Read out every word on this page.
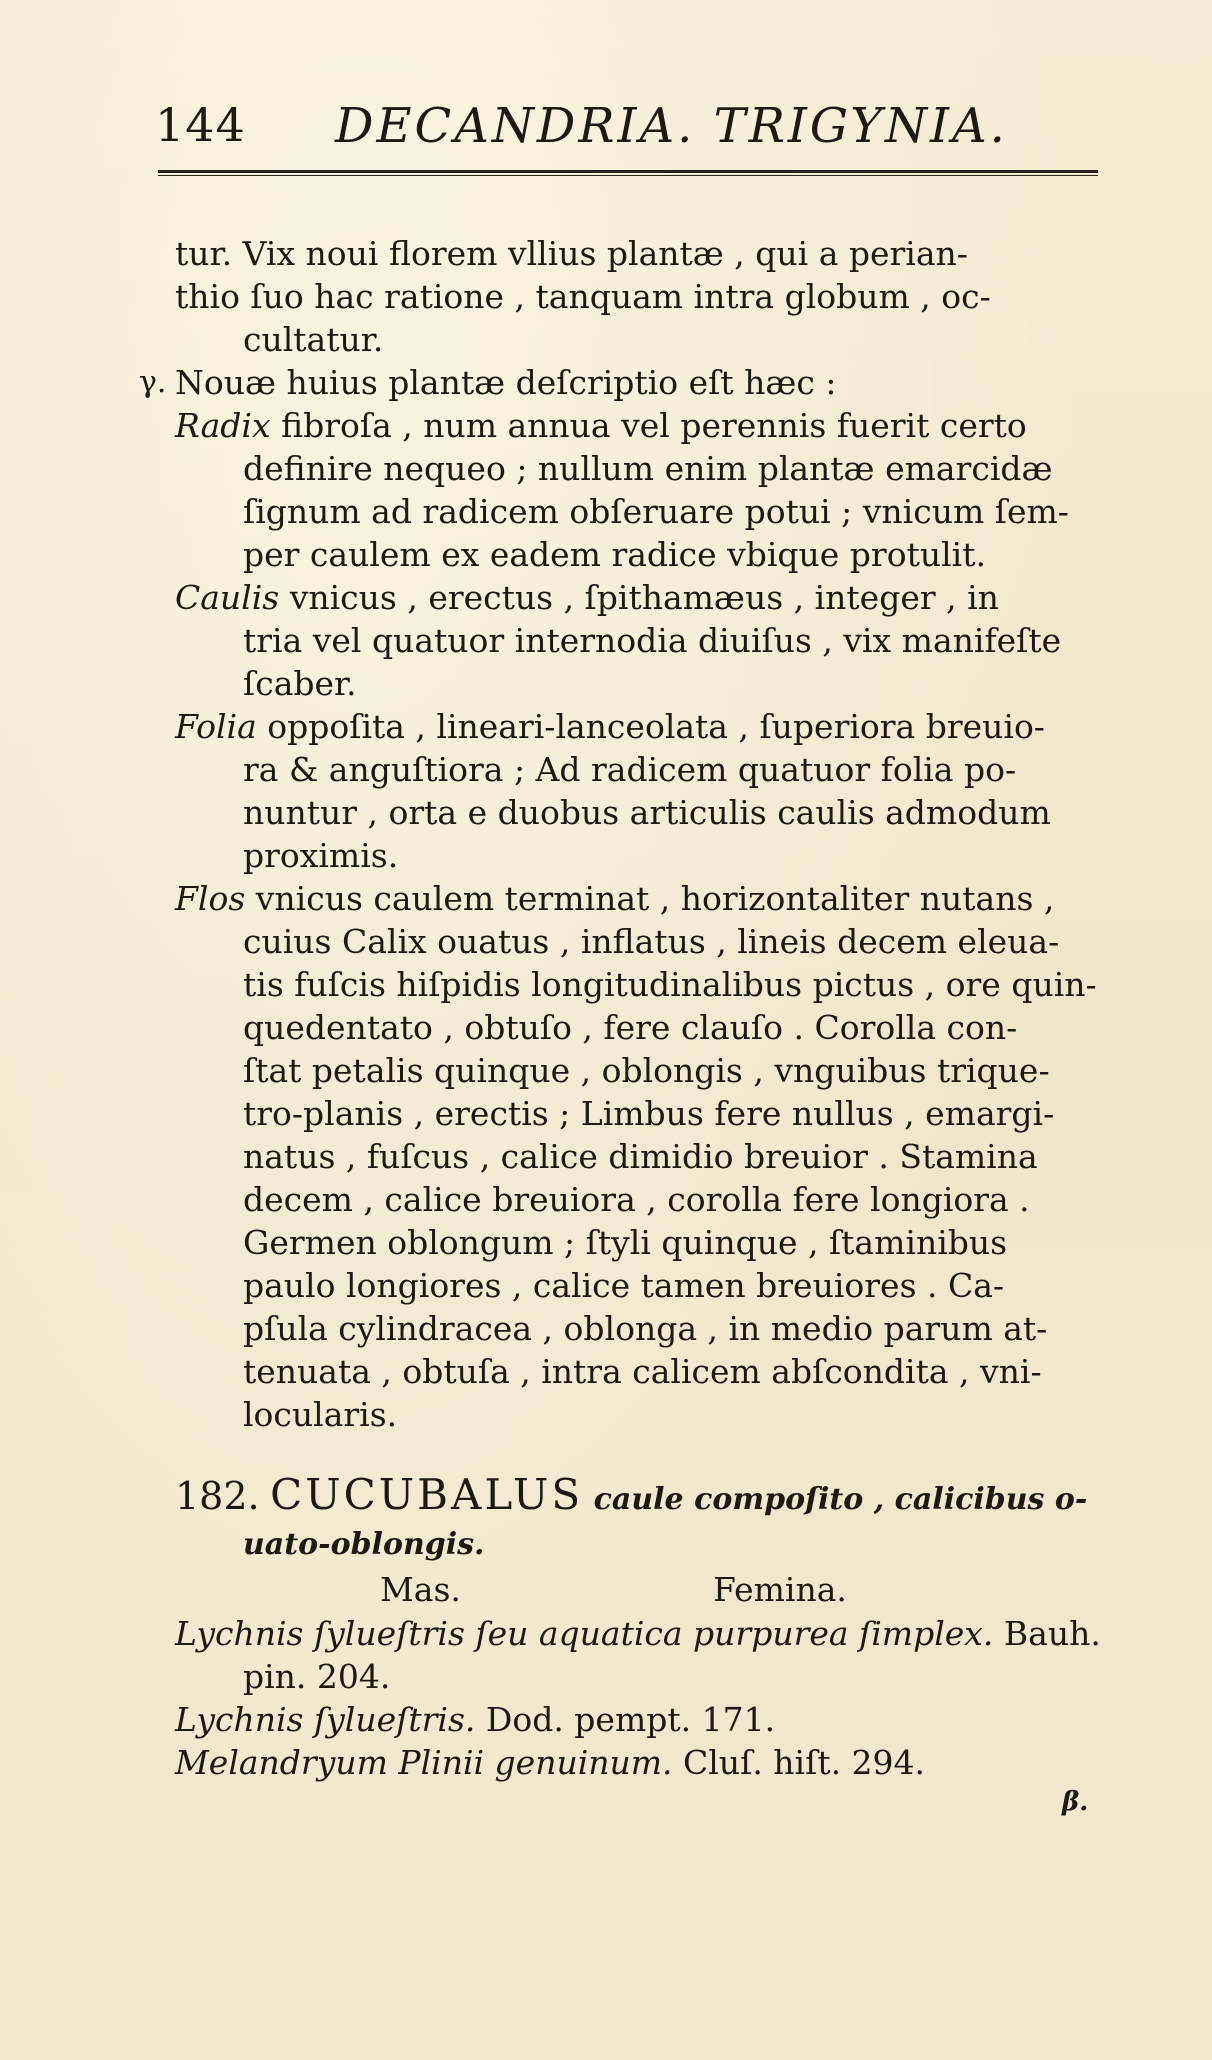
144 DECANDRIA. TRIGYNIA.
tur. Vix noui florem vllius plantæ , qui a perian-
thio ſuo hac ratione , tanquam intra globum , oc-
cultatur.
γ. Nouæ huius plantæ deſcriptio eſt hæc :
Radix fibroſa , num annua vel perennis fuerit certo
definire nequeo ; nullum enim plantæ emarcidæ
ſignum ad radicem obſeruare potui ; vnicum ſem-
per caulem ex eadem radice vbique protulit.
Caulis vnicus , erectus , ſpithamæus , integer , in
tria vel quatuor internodia diuiſus , vix manifeſte
ſcaber.
Folia oppoſita , lineari-lanceolata , ſuperiora breuio-
ra & anguſtiora ; Ad radicem quatuor folia po-
nuntur , orta e duobus articulis caulis admodum
proximis.
Flos vnicus caulem terminat , horizontaliter nutans ,
cuius Calix ouatus , inflatus , lineis decem eleua-
tis fuſcis hiſpidis longitudinalibus pictus , ore quin-
quedentato , obtuſo , fere clauſo . Corolla con-
ſtat petalis quinque , oblongis , vnguibus trique-
tro-planis , erectis ; Limbus fere nullus , emargi-
natus , fuſcus , calice dimidio breuior . Stamina
decem , calice breuiora , corolla fere longiora .
Germen oblongum ; ſtyli quinque , ſtaminibus
paulo longiores , calice tamen breuiores . Ca-
pſula cylindracea , oblonga , in medio parum at-
tenuata , obtuſa , intra calicem abſcondita , vni-
locularis.
182. CUCUBALUS caule compoſito , calicibus o-
uato-oblongis.
Mas.	Femina.
Lychnis ſylueſtris ſeu aquatica purpurea ſimplex. Bauh.
pin. 204.
Lychnis ſylueſtris. Dod. pempt. 171.
Melandryum Plinii genuinum. Cluſ. hiſt. 294.
β.
